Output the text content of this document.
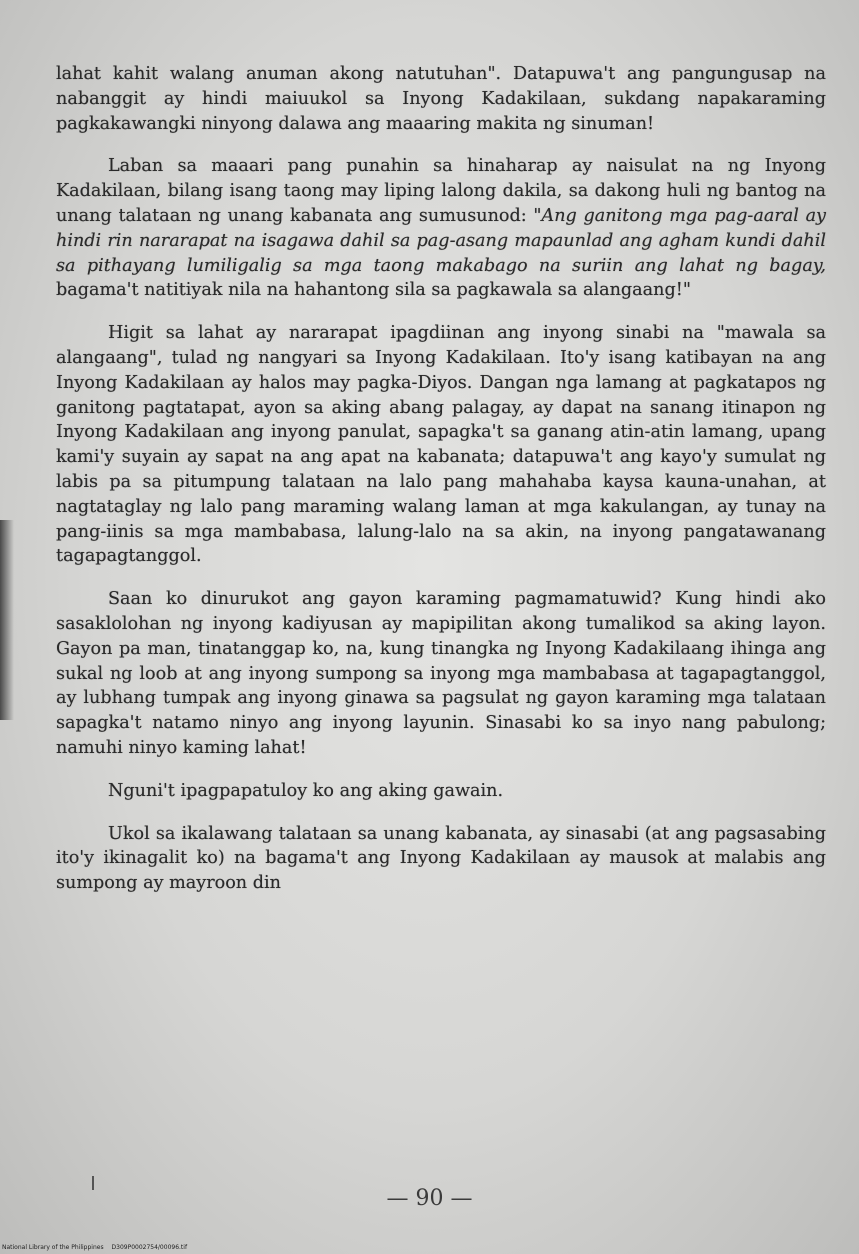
lahat kahit walang anuman akong natutuhan". Datapuwa't ang pangungusap na nabanggit ay hindi maiuukol sa Inyong Kadakilaan, sukdang napakaraming pagkakawangki ninyong dalawa ang maaaring makita ng sinuman!

Laban sa maaari pang punahin sa hinaharap ay naisulat na ng Inyong Kadakilaan, bilang isang taong may liping lalong dakila, sa dakong huli ng bantog na unang talataan ng unang kabanata ang sumusunod: "Ang ganitong mga pag-aaral ay hindi rin nararapat na isagawa dahil sa pag-asang mapaunlad ang agham kundi dahil sa pithayang lumiligalig sa mga taong makabago na suriin ang lahat ng bagay, bagama't natitiyak nila na hahantong sila sa pagkawala sa alangaang!"

Higit sa lahat ay nararapat ipagdiinan ang inyong sinabi na "mawala sa alangaang", tulad ng nangyari sa Inyong Kadakilaan. Ito'y isang katibayan na ang Inyong Kadakilaan ay halos may pagka-Diyos. Dangan nga lamang at pagkatapos ng ganitong pagtatapat, ayon sa aking abang palagay, ay dapat na sanang itinapon ng Inyong Kadakilaan ang inyong panulat, sapagka't sa ganang atin-atin lamang, upang kami'y suyain ay sapat na ang apat na kabanata; datapuwa't ang kayo'y sumulat ng labis pa sa pitumpung talataan na lalo pang mahahaba kaysa kauna-unahan, at nagtataglay ng lalo pang maraming walang laman at mga kakulangan, ay tunay na pang-iinis sa mga mambabasa, lalung-lalo na sa akin, na inyong pangatawanang tagapagtanggol.

Saan ko dinurukot ang gayon karaming pagmamatuwid? Kung hindi ako sasaklolohan ng inyong kadiyusan ay mapipilitan akong tumalikod sa aking layon. Gayon pa man, tinatanggap ko, na, kung tinangka ng Inyong Kadakilaang ihinga ang sukal ng loob at ang inyong sumpong sa inyong mga mambabasa at tagapagtanggol, ay lubhang tumpak ang inyong ginawa sa pagsulat ng gayon karaming mga talataan sapagka't natamo ninyo ang inyong layunin. Sinasabi ko sa inyo nang pabulong; namuhi ninyo kaming lahat!

Nguni't ipagpapatuloy ko ang aking gawain.

Ukol sa ikalawang talataan sa unang kabanata, ay sinasabi (at ang pagsasabing ito'y ikinagalit ko) na bagama't ang Inyong Kadakilaan ay mausok at malabis ang sumpong ay mayroon din

— 90 —
National Library of the Philippines D309P0002754/00096.tif
